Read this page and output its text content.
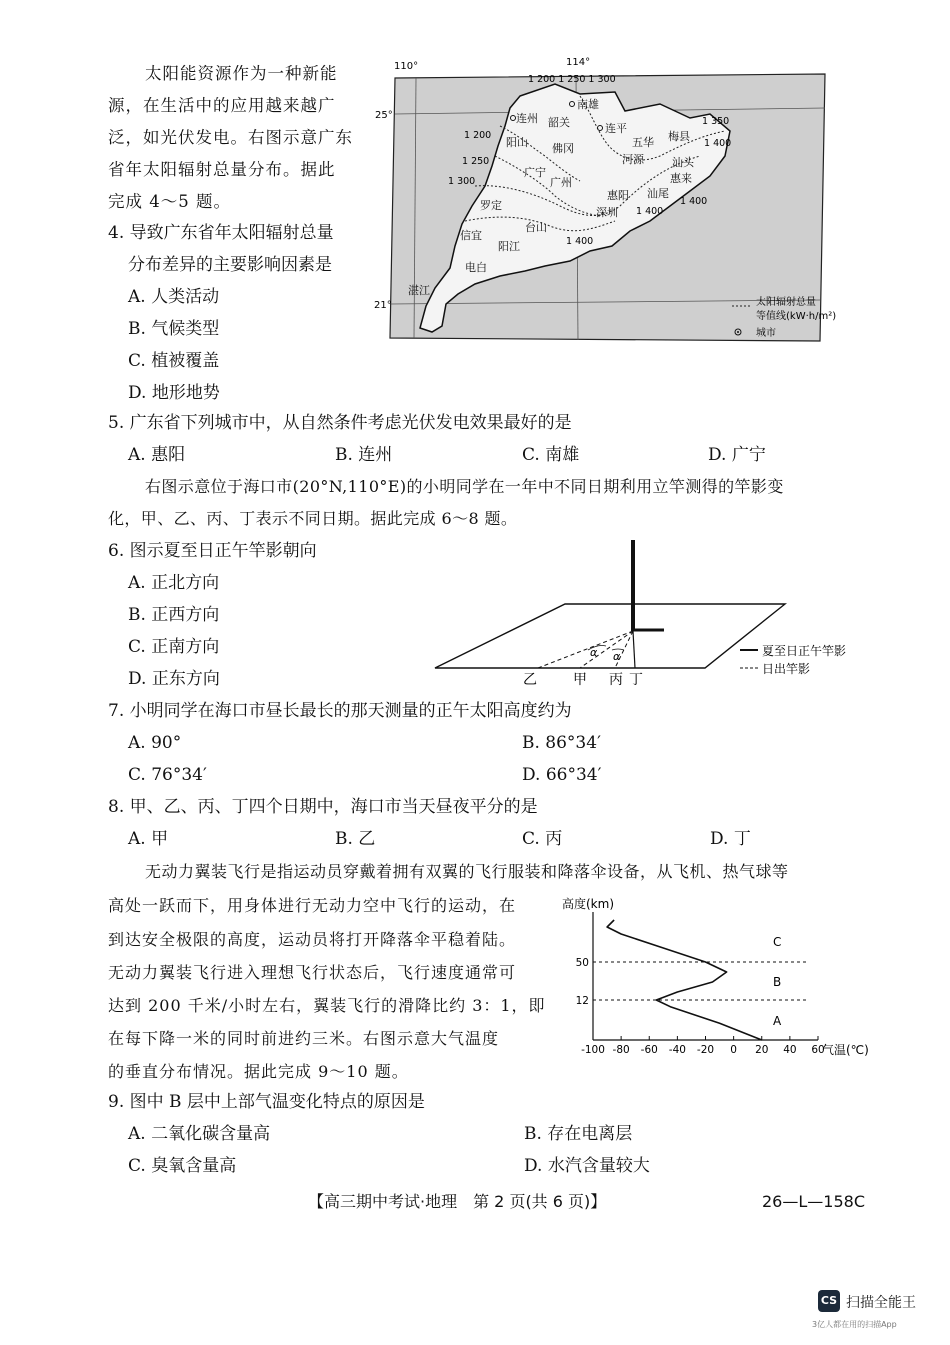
太阳能资源作为一种新能
源，在生活中的应用越来越广
泛，如光伏发电。右图示意广东
省年太阳辐射总量分布。据此
完成 4～5 题。
4. 导致广东省年太阳辐射总量
分布差异的主要影响因素是
A. 人类活动
B. 气候类型
C. 植被覆盖
D. 地形地势
110°	114°
25°
21°
1 200 1 250 1 300
1 200
1 250
1 300
1 350
1 400
1 400
1 400
1 400
南雄
连州 韶关	连平
梅县
阳山 佛冈	五华
河源	汕头
广宁
广州	惠来
惠阳 汕尾
罗定
深圳
信宜
台山
阳江
电白
湛江
太阳辐射总量
等值线(kW·h/m²)
城市
5. 广东省下列城市中，从自然条件考虑光伏发电效果最好的是
A. 惠阳	B. 连州	C. 南雄	D. 广宁
右图示意位于海口市(20°N,110°E)的小明同学在一年中不同日期利用立竿测得的竿影变
化，甲、乙、丙、丁表示不同日期。据此完成 6～8 题。
6. 图示夏至日正午竿影朝向
A. 正北方向
B. 正西方向
C. 正南方向
D. 正东方向
α α
乙	甲 丙 丁
夏至日正午竿影
日出竿影
7. 小明同学在海口市昼长最长的那天测量的正午太阳高度约为
A. 90°	B. 86°34′
C. 76°34′	D. 66°34′
8. 甲、乙、丙、丁四个日期中，海口市当天昼夜平分的是
A. 甲	B. 乙	C. 丙	D. 丁
无动力翼装飞行是指运动员穿戴着拥有双翼的飞行服装和降落伞设备，从飞机、热气球等
高处一跃而下，用身体进行无动力空中飞行的运动，在
到达安全极限的高度，运动员将打开降落伞平稳着陆。
无动力翼装飞行进入理想飞行状态后，飞行速度通常可
达到 200 千米/小时左右，翼装飞行的滑降比约 3：1，即
在每下降一米的同时前进约三米。右图示意大气温度
的垂直分布情况。据此完成 9～10 题。
高度(km)
气温(℃)
-100 -80 -60 -40 -20 0 20 40 60
12
50
A
B
C
9. 图中 B 层中上部气温变化特点的原因是
A. 二氧化碳含量高	B. 存在电离层
C. 臭氧含量高	D. 水汽含量较大
【高三期中考试·地理　第 2 页(共 6 页)】	26—L—158C
CS 扫描全能王
3亿人都在用的扫描App
